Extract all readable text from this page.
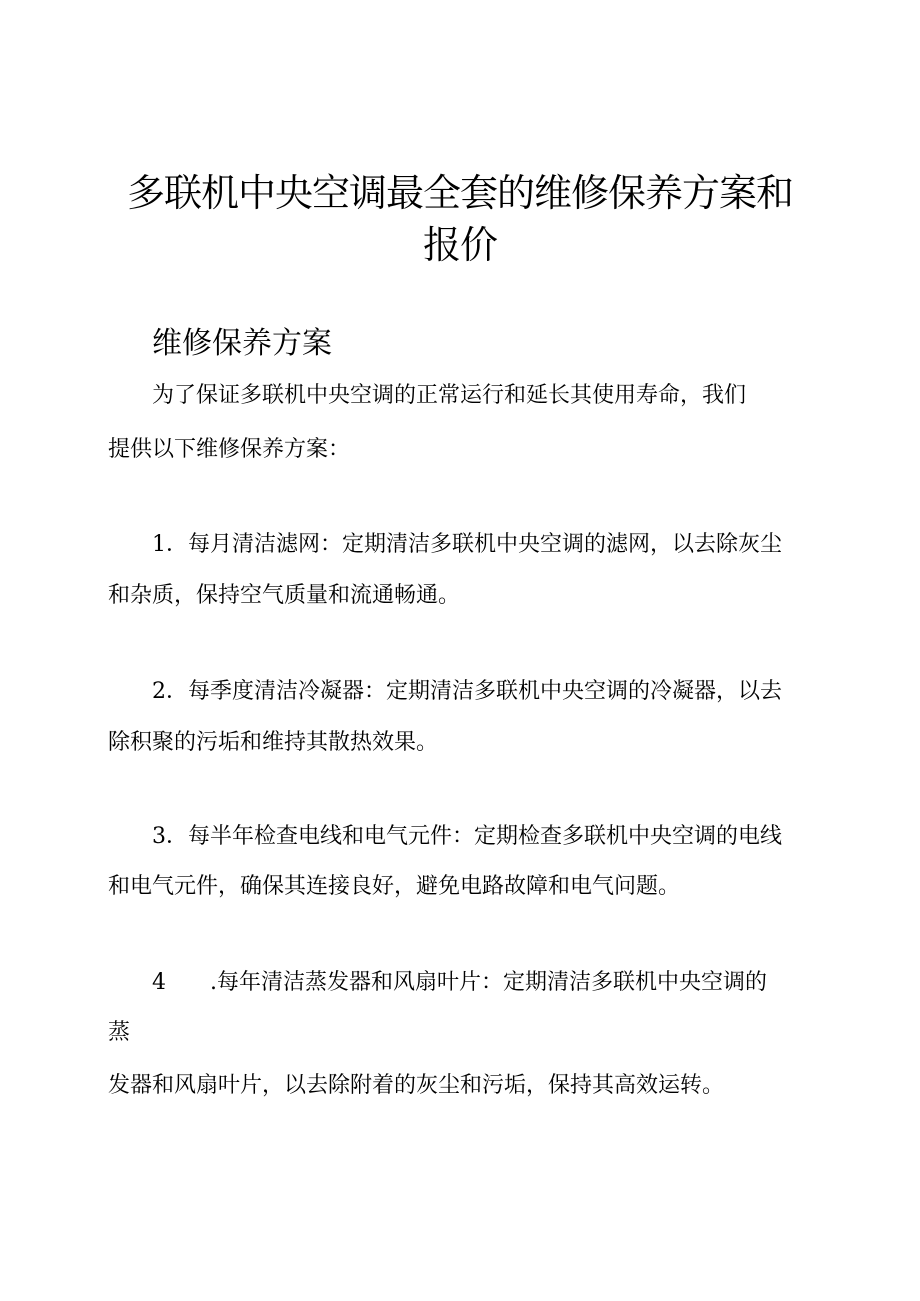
多联机中央空调最全套的维修保养方案和
报价
维修保养方案

为了保证多联机中央空调的正常运行和延长其使用寿命，我们

提供以下维修保养方案：

1．每月清洁滤网：定期清洁多联机中央空调的滤网，以去除灰尘

和杂质，保持空气质量和流通畅通。

2．每季度清洁冷凝器：定期清洁多联机中央空调的冷凝器，以去

除积聚的污垢和维持其散热效果。

3．每半年检查电线和电气元件：定期检查多联机中央空调的电线

和电气元件，确保其连接良好，避免电路故障和电气问题。

4　　.每年清洁蒸发器和风扇叶片：定期清洁多联机中央空调的

蒸

发器和风扇叶片，以去除附着的灰尘和污垢，保持其高效运转。
